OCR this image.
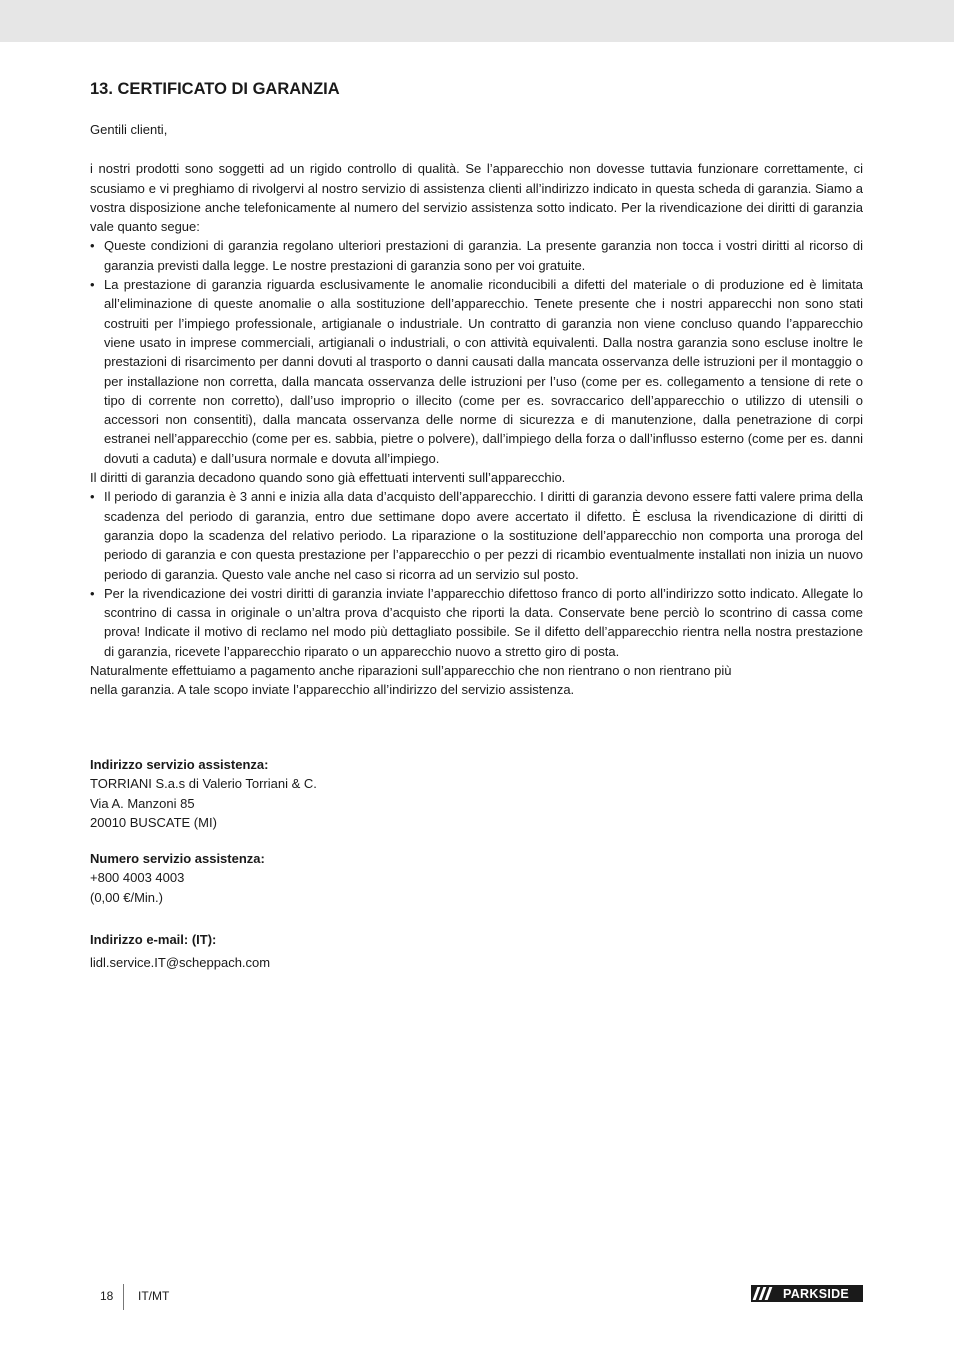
13. CERTIFICATO DI GARANZIA

Gentili clienti,

i nostri prodotti sono soggetti ad un rigido controllo di qualità. Se l’apparecchio non dovesse tuttavia funzionare correttamente, ci scusiamo e vi preghiamo di rivolgervi al nostro servizio di assistenza clienti all’indirizzo indicato in questa scheda di garanzia. Siamo a vostra disposizione anche telefonicamente al numero del servizio assistenza sotto indicato. Per la rivendicazione dei diritti di garanzia vale quanto segue:

• Queste condizioni di garanzia regolano ulteriori prestazioni di garanzia. La presente garanzia non tocca i vostri diritti al ricorso di garanzia previsti dalla legge. Le nostre prestazioni di garanzia sono per voi gratuite.
• La prestazione di garanzia riguarda esclusivamente le anomalie riconducibili a difetti del materiale o di produzione ed è limitata all’eliminazione di queste anomalie o alla sostituzione dell’apparecchio. Tenete presente che i nostri apparecchi non sono stati costruiti per l’impiego professionale, artigianale o industriale. Un contratto di garanzia non viene concluso quando l’apparecchio viene usato in imprese commerciali, artigianali o industriali, o con attività equivalenti. Dalla nostra garanzia sono escluse inoltre le prestazioni di risarcimento per danni dovuti al trasporto o danni causati dalla mancata osservanza delle istruzioni per il montaggio o per installazione non corretta, dalla mancata osservanza delle istruzioni per l’uso (come per es. collegamento a tensione di rete o tipo di corrente non corretto), dall’uso improprio o illecito (come per es. sovraccarico dell’apparecchio o utilizzo di utensili o accessori non consentiti), dalla mancata osservanza delle norme di sicurezza e di manutenzione, dalla penetrazione di corpi estranei nell’apparecchio (come per es. sabbia, pietre o polvere), dall’impiego della forza o dall’influsso esterno (come per es. danni dovuti a caduta) e dall’usura normale e dovuta all’impiego.

Il diritti di garanzia decadono quando sono già effettuati interventi sull’apparecchio.

• Il periodo di garanzia è 3 anni e inizia alla data d’acquisto dell’apparecchio. I diritti di garanzia devono essere fatti valere prima della scadenza del periodo di garanzia, entro due settimane dopo avere accertato il difetto. È esclusa la rivendicazione di diritti di garanzia dopo la scadenza del relativo periodo. La riparazione o la sostituzione dell’apparecchio non comporta una proroga del periodo di garanzia e con questa prestazione per l’apparecchio o per pezzi di ricambio eventualmente installati non inizia un nuovo periodo di garanzia. Questo vale anche nel caso si ricorra ad un servizio sul posto.
• Per la rivendicazione dei vostri diritti di garanzia inviate l’apparecchio difettoso franco di porto all’indirizzo sotto indicato. Allegate lo scontrino di cassa in originale o un’altra prova d’acquisto che riporti la data. Conservate bene perciò lo scontrino di cassa come prova! Indicate il motivo di reclamo nel modo più dettagliato possibile. Se il difetto dell’apparecchio rientra nella nostra prestazione di garanzia, ricevete l’apparecchio riparato o un apparecchio nuovo a stretto giro di posta.

Naturalmente effettuiamo a pagamento anche riparazioni sull’apparecchio che non rientrano o non rientrano più

nella garanzia. A tale scopo inviate l’apparecchio all’indirizzo del servizio assistenza.

Indirizzo servizio assistenza:
TORRIANI S.a.s di Valerio Torriani & C.
Via A. Manzoni 85
20010 BUSCATE (MI)
Numero servizio assistenza:
+800 4003 4003
(0,00 €/Min.)
Indirizzo e-mail: (IT):
lidl.service.IT@scheppach.com
18 IT/MT	PARKSIDE
